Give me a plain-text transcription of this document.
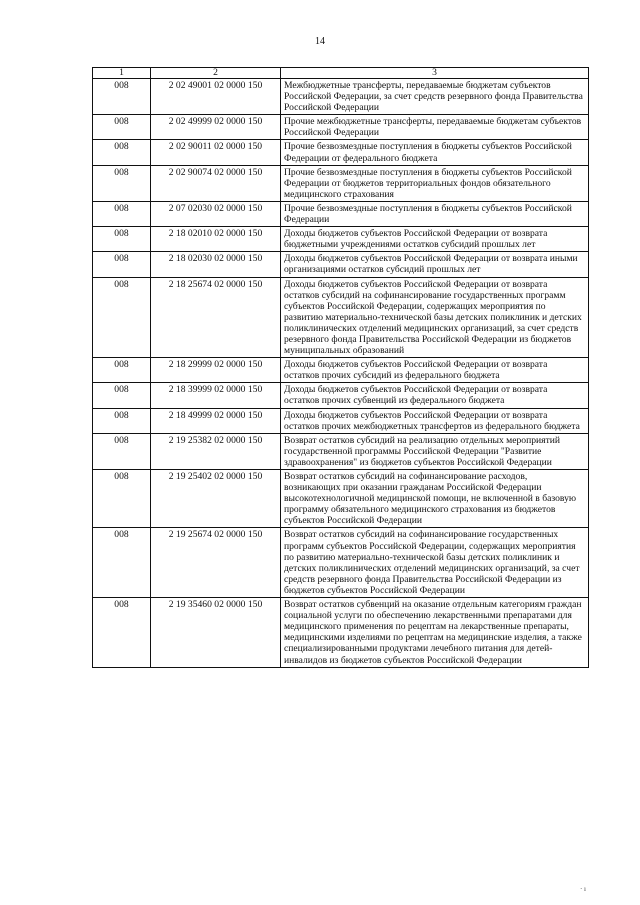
14
1	2	3
008	2 02 49001 02 0000 150	Межбюджетные трансферты, передаваемые бюджетам субъектов Российской Федерации, за счет средств резервного фонда Правительства Российской Федерации
008	2 02 49999 02 0000 150	Прочие межбюджетные трансферты, передаваемые бюджетам субъектов Российской Федерации
008	2 02 90011 02 0000 150	Прочие безвозмездные поступления в бюджеты субъектов Российской Федерации от федерального бюджета
008	2 02 90074 02 0000 150	Прочие безвозмездные поступления в бюджеты субъектов Российской Федерации от бюджетов территориальных фондов обязательного медицинского страхования
008	2 07 02030 02 0000 150	Прочие безвозмездные поступления в бюджеты субъектов Российской Федерации
008	2 18 02010 02 0000 150	Доходы бюджетов субъектов Российской Федерации от возврата бюджетными учреждениями остатков субсидий прошлых лет
008	2 18 02030 02 0000 150	Доходы бюджетов субъектов Российской Федерации от возврата иными организациями остатков субсидий прошлых лет
008	2 18 25674 02 0000 150	Доходы бюджетов субъектов Российской Федерации от возврата остатков субсидий на софинансирование государственных программ субъектов Российской Федерации, содержащих мероприятия по развитию материально-технической базы детских поликлиник и детских поликлинических отделений медицинских организаций, за счет средств резервного фонда Правительства Российской Федерации из бюджетов муниципальных образований
008	2 18 29999 02 0000 150	Доходы бюджетов субъектов Российской Федерации от возврата остатков прочих субсидий из федерального бюджета
008	2 18 39999 02 0000 150	Доходы бюджетов субъектов Российской Федерации от возврата остатков прочих субвенций из федерального бюджета
008	2 18 49999 02 0000 150	Доходы бюджетов субъектов Российской Федерации от возврата остатков прочих межбюджетных трансфертов из федерального бюджета
008	2 19 25382 02 0000 150	Возврат остатков субсидий на реализацию отдельных мероприятий государственной программы Российской Федерации "Развитие здравоохранения" из бюджетов субъектов Российской Федерации
008	2 19 25402 02 0000 150	Возврат остатков субсидий на софинансирование расходов, возникающих при оказании гражданам Российской Федерации высокотехнологичной медицинской помощи, не включенной в базовую программу обязательного медицинского страхования из бюджетов субъектов Российской Федерации
008	2 19 25674 02 0000 150	Возврат остатков субсидий на софинансирование государственных программ субъектов Российской Федерации, содержащих мероприятия по развитию материально-технической базы детских поликлиник и детских поликлинических отделений медицинских организаций, за счет средств резервного фонда Правительства Российской Федерации из бюджетов субъектов Российской Федерации
008	2 19 35460 02 0000 150	Возврат остатков субвенций на оказание отдельным категориям граждан социальной услуги по обеспечению лекарственными препаратами для медицинского применения по рецептам на лекарственные препараты, медицинскими изделиями по рецептам на медицинские изделия, а также специализированными продуктами лечебного питания для детей-инвалидов из бюджетов субъектов Российской Федерации
· ı
